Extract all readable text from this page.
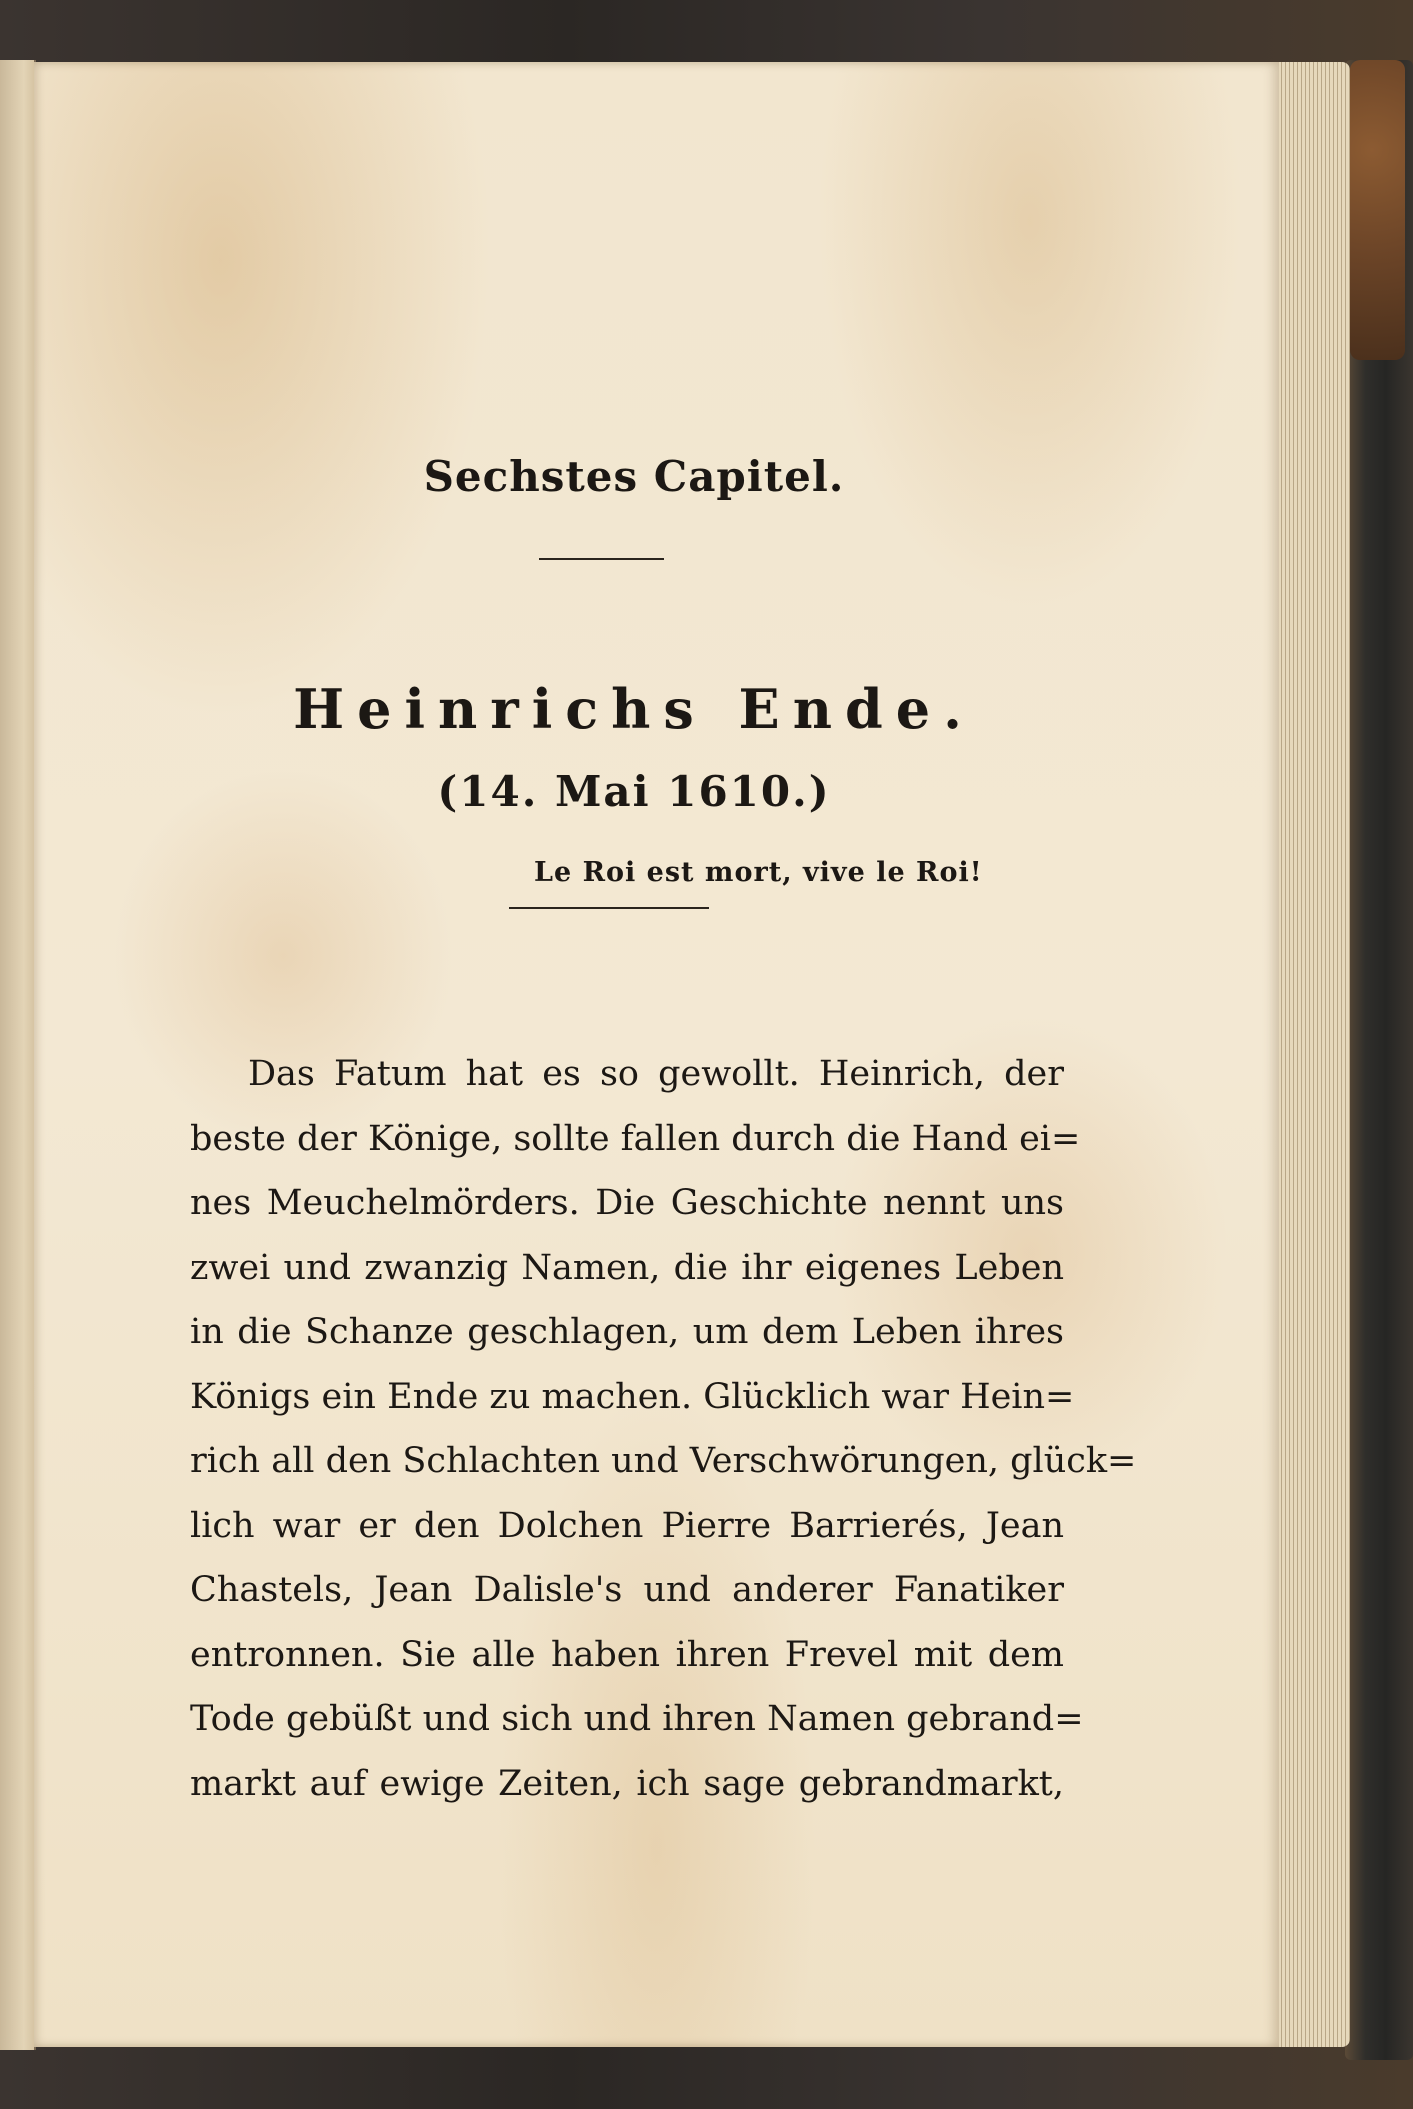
Sechstes Capitel.
Heinrichs Ende.
(14. Mai 1610.)
Le Roi est mort, vive le Roi!
Das Fatum hat es so gewollt. Heinrich, der
beste der Könige, sollte fallen durch die Hand ei=
nes Meuchelmörders. Die Geschichte nennt uns
zwei und zwanzig Namen, die ihr eigenes Leben
in die Schanze geschlagen, um dem Leben ihres
Königs ein Ende zu machen. Glücklich war Hein=
rich all den Schlachten und Verschwörungen, glück=
lich war er den Dolchen Pierre Barrierés, Jean
Chastels, Jean Dalisle's und anderer Fanatiker
entronnen. Sie alle haben ihren Frevel mit dem
Tode gebüßt und sich und ihren Namen gebrand=
markt auf ewige Zeiten, ich sage gebrandmarkt,
